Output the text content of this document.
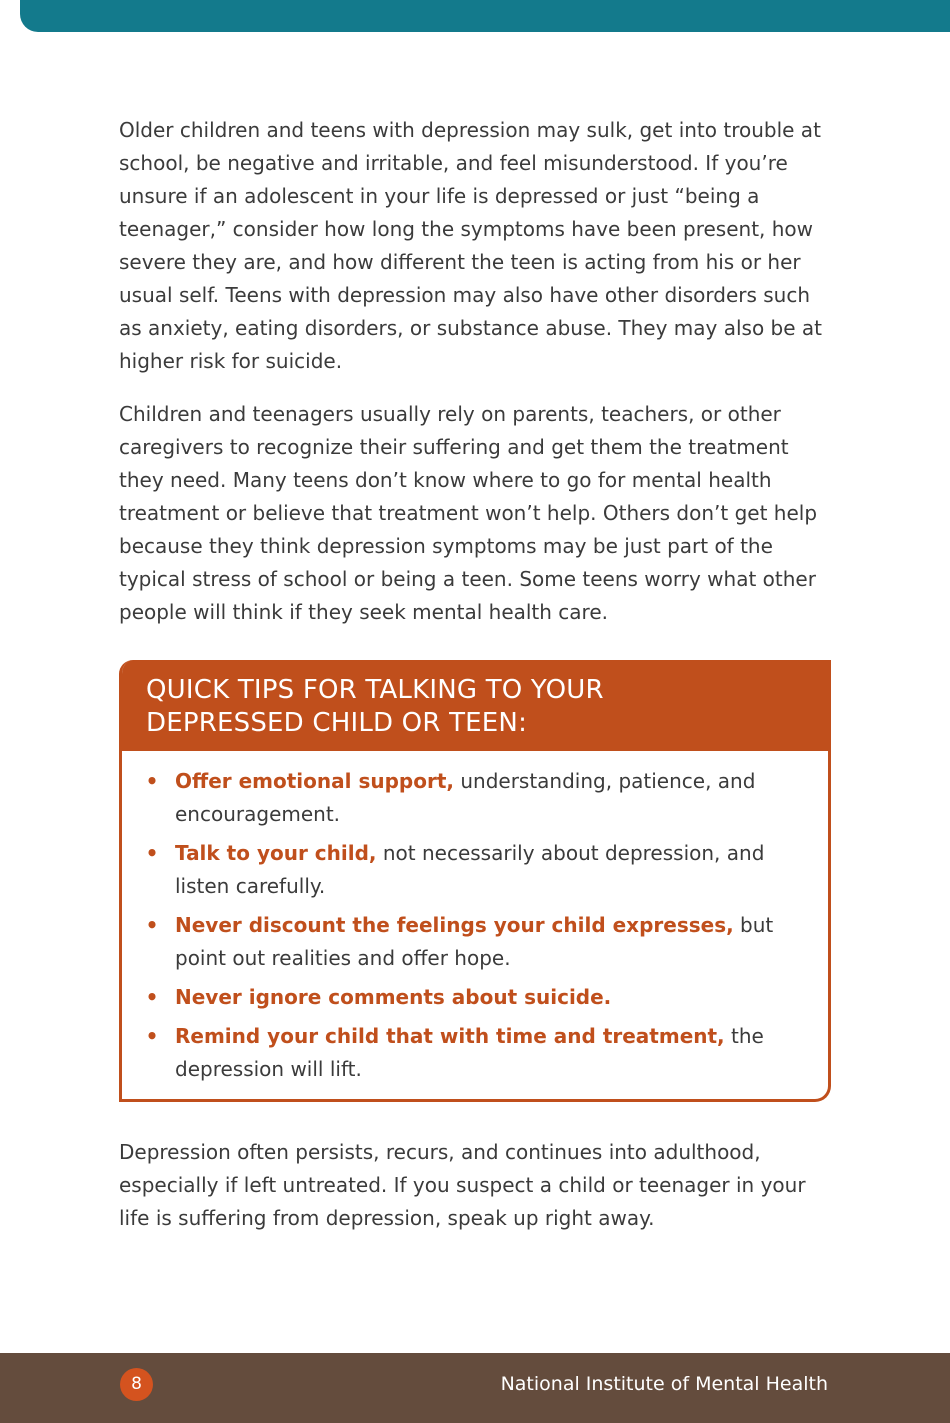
Older children and teens with depression may sulk, get into trouble at school, be negative and irritable, and feel misunderstood. If you’re unsure if an adolescent in your life is depressed or just “being a teenager,” consider how long the symptoms have been present, how severe they are, and how different the teen is acting from his or her usual self. Teens with depression may also have other disorders such as anxiety, eating disorders, or substance abuse. They may also be at higher risk for suicide.

Children and teenagers usually rely on parents, teachers, or other caregivers to recognize their suffering and get them the treatment they need. Many teens don’t know where to go for mental health treatment or believe that treatment won’t help. Others don’t get help because they think depression symptoms may be just part of the typical stress of school or being a teen. Some teens worry what other people will think if they seek mental health care.

QUICK TIPS FOR TALKING TO YOUR
DEPRESSED CHILD OR TEEN:
• Offer emotional support, understanding, patience, and encouragement.
• Talk to your child, not necessarily about depression, and listen carefully.
• Never discount the feelings your child expresses, but point out realities and offer hope.
• Never ignore comments about suicide.
• Remind your child that with time and treatment, the depression will lift.

Depression often persists, recurs, and continues into adulthood, especially if left untreated. If you suspect a child or teenager in your life is suffering from depression, speak up right away.

8	National Institute of Mental Health
